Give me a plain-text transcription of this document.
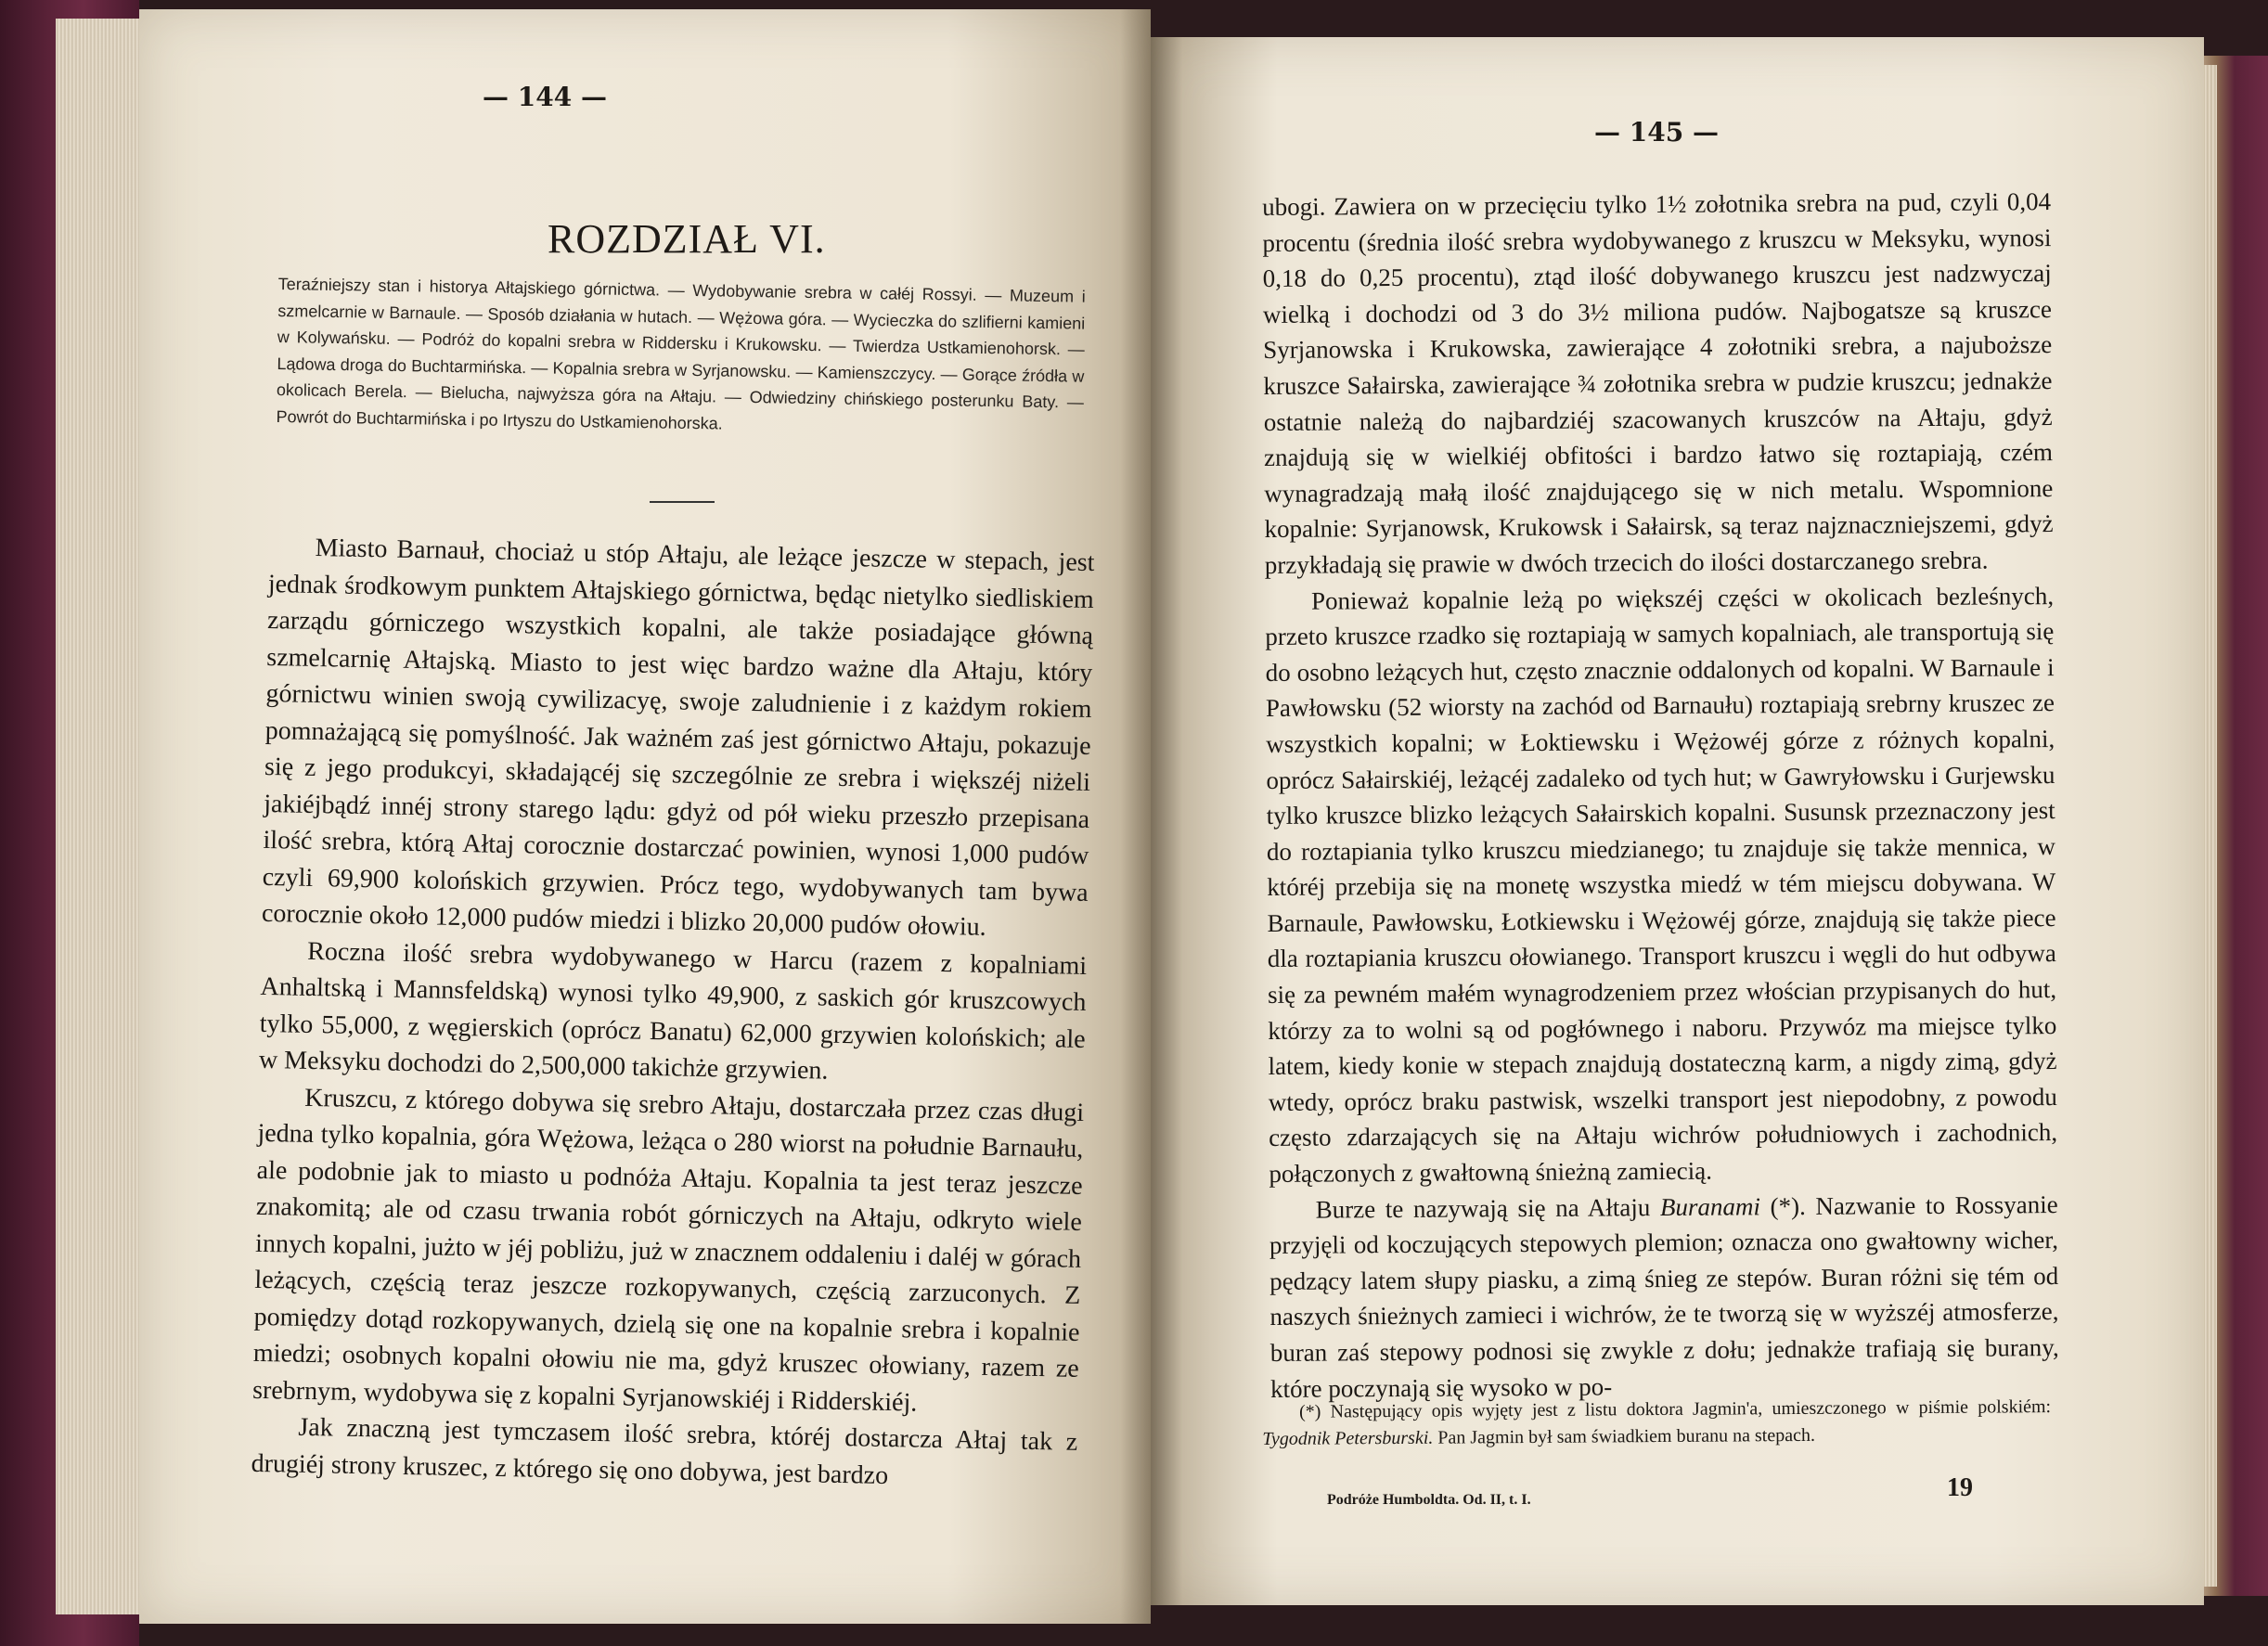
— 144 —
ROZDZIAŁ VI.
Teraźniejszy stan i historya Ałtajskiego górnictwa. — Wydobywanie srebra w całéj Rossyi. — Muzeum i szmelcarnie w Barnaule. — Sposób działania w hutach. — Wężowa góra. — Wycieczka do szlifierni kamieni w Kolywańsku. — Podróż do kopalni srebra w Riddersku i Krukowsku. — Twierdza Ustkamienohorsk. — Lądowa droga do Buchtarmińska. — Kopalnia srebra w Syrjanowsku. — Kamienszczycy. — Gorące źródła w okolicach Berela. — Bielucha, najwyższa góra na Ałtaju. — Odwiedziny chińskiego posterunku Baty. — Powrót do Buchtarmińska i po Irtyszu do Ustkamienohorska.

Miasto Barnauł, chociaż u stóp Ałtaju, ale leżące jeszcze w stepach, jest jednak środkowym punktem Ałtajskiego górnictwa, będąc nietylko siedliskiem zarządu górniczego wszystkich kopalni, ale także posiadające główną szmelcarnię Ałtajską. Miasto to jest więc bardzo ważne dla Ałtaju, który górnictwu winien swoją cywilizacyę, swoje zaludnienie i z każdym rokiem pomnażającą się pomyślność. Jak ważném zaś jest górnictwo Ałtaju, pokazuje się z jego produkcyi, składającéj się szczególnie ze srebra i większéj niżeli jakiéjbądź innéj strony starego lądu: gdyż od pół wieku przeszło przepisana ilość srebra, którą Ałtaj corocznie dostarczać powinien, wynosi 1,000 pudów czyli 69,900 kolońskich grzywien. Prócz tego, wydobywanych tam bywa corocznie około 12,000 pudów miedzi i blizko 20,000 pudów ołowiu.

Roczna ilość srebra wydobywanego w Harcu (razem z kopalniami Anhaltską i Mannsfeldską) wynosi tylko 49,900, z saskich gór kruszcowych tylko 55,000, z węgierskich (oprócz Banatu) 62,000 grzywien kolońskich; ale w Meksyku dochodzi do 2,500,000 takichże grzywien.

Kruszcu, z którego dobywa się srebro Ałtaju, dostarczała przez czas długi jedna tylko kopalnia, góra Wężowa, leżąca o 280 wiorst na południe Barnaułu, ale podobnie jak to miasto u podnóża Ałtaju. Kopalnia ta jest teraz jeszcze znakomitą; ale od czasu trwania robót górniczych na Ałtaju, odkryto wiele innych kopalni, jużto w jéj pobliżu, już w znacznem oddaleniu i daléj w górach leżących, częścią teraz jeszcze rozkopywanych, częścią zarzuconych. Z pomiędzy dotąd rozkopywanych, dzielą się one na kopalnie srebra i kopalnie miedzi; osobnych kopalni ołowiu nie ma, gdyż kruszec ołowiany, razem ze srebrnym, wydobywa się z kopalni Syrjanowskiéj i Ridderskiéj.

Jak znaczną jest tymczasem ilość srebra, któréj dostarcza Ałtaj tak z drugiéj strony kruszec, z którego się ono dobywa, jest bardzo

— 145 —

ubogi. Zawiera on w przecięciu tylko 1½ zołotnika srebra na pud, czyli 0,04 procentu (średnia ilość srebra wydobywanego z kruszcu w Meksyku, wynosi 0,18 do 0,25 procentu), ztąd ilość dobywanego kruszcu jest nadzwyczaj wielką i dochodzi od 3 do 3½ miliona pudów. Najbogatsze są kruszce Syrjanowska i Krukowska, zawierające 4 zołotniki srebra, a najuboższe kruszce Sałairska, zawierające ¾ zołotnika srebra w pudzie kruszcu; jednakże ostatnie należą do najbardziéj szacowanych kruszców na Ałtaju, gdyż znajdują się w wielkiéj obfitości i bardzo łatwo się roztapiają, czém wynagradzają małą ilość znajdującego się w nich metalu. Wspomnione kopalnie: Syrjanowsk, Krukowsk i Sałairsk, są teraz najznaczniejszemi, gdyż przykładają się prawie w dwóch trzecich do ilości dostarczanego srebra.

Ponieważ kopalnie leżą po większéj części w okolicach bezleśnych, przeto kruszce rzadko się roztapiają w samych kopalniach, ale transportują się do osobno leżących hut, często znacznie oddalonych od kopalni. W Barnaule i Pawłowsku (52 wiorsty na zachód od Barnaułu) roztapiają srebrny kruszec ze wszystkich kopalni; w Łoktiewsku i Wężowéj górze z różnych kopalni, oprócz Sałairskiéj, leżącéj zadaleko od tych hut; w Gawryłowsku i Gurjewsku tylko kruszce blizko leżących Sałairskich kopalni. Susunsk przeznaczony jest do roztapiania tylko kruszcu miedzianego; tu znajduje się także mennica, w któréj przebija się na monetę wszystka miedź w tém miejscu dobywana. W Barnaule, Pawłowsku, Łotkiewsku i Wężowéj górze, znajdują się także piece dla roztapiania kruszcu ołowianego. Transport kruszcu i węgli do hut odbywa się za pewném małém wynagrodzeniem przez włościan przypisanych do hut, którzy za to wolni są od pogłównego i naboru. Przywóz ma miejsce tylko latem, kiedy konie w stepach znajdują dostateczną karm, a nigdy zimą, gdyż wtedy, oprócz braku pastwisk, wszelki transport jest niepodobny, z powodu często zdarzających się na Ałtaju wichrów południowych i zachodnich, połączonych z gwałtowną śnieżną zamiecią.

Burze te nazywają się na Ałtaju Buranami (*). Nazwanie to Rossyanie przyjęli od koczujących stepowych plemion; oznacza ono gwałtowny wicher, pędzący latem słupy piasku, a zimą śnieg ze stepów. Buran różni się tém od naszych śnieżnych zamieci i wichrów, że te tworzą się w wyższéj atmosferze, buran zaś stepowy podnosi się zwykle z dołu; jednakże trafiają się burany, które poczynają się wysoko w po-

(*) Następujący opis wyjęty jest z listu doktora Jagmin'a, umieszczonego w piśmie polskiém: Tygodnik Petersburski. Pan Jagmin był sam świadkiem buranu na stepach.
Podróże Humboldta. Od. II, t. I.	19
